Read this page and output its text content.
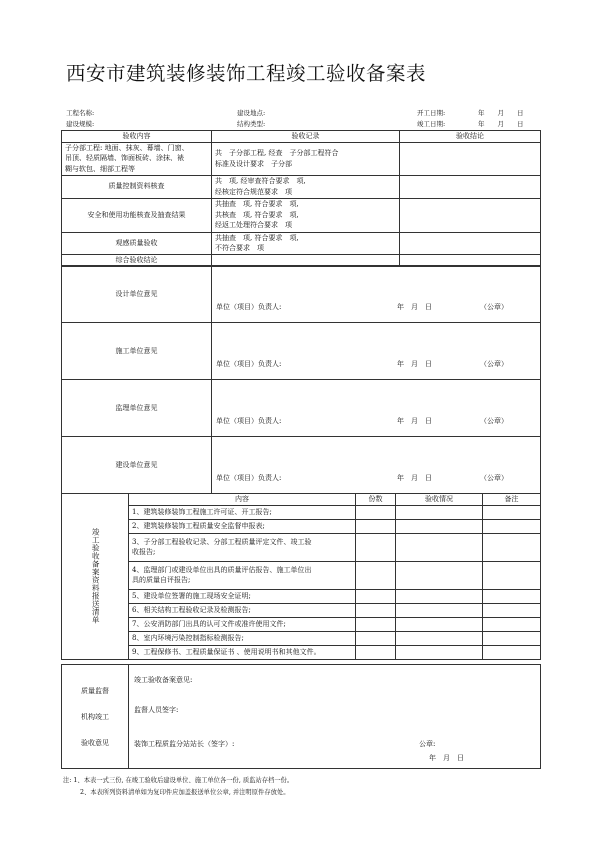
西安市建筑装修装饰工程竣工验收备案表
工程名称:	建设地点:	开工日期:	年　　月　　日
建设规模:	结构类型:	竣工日期:	年　　月　　日
验收内容	验收记录	验收结论
子分部工程: 地面、抹灰、幕墙、门窗、
吊顶、轻质隔墙、饰面板砖、涂抹、裱
糊与软包、细部工程等	共　子分部工程, 经查　子分部工程符合
标准及设计要求　子分部	
质量控制资料核查	共　项, 经审查符合要求　项,
经核定符合规范要求　项	
安全和使用功能核查及抽查结果	共抽查　项, 符合要求　项,
共核查　项, 符合要求　项,
经返工处理符合要求　项	
观感质量验收	共抽查　项, 符合要求　项,
不符合要求　项	
综合验收结论		
设计单位意见	单位（项目）负责人: 年　月　日 （公章）

施工单位意见	单位（项目）负责人: 年　月　日 （公章）

监理单位意见	单位（项目）负责人: 年　月　日 （公章）

建设单位意见	单位（项目）负责人: 年　月　日 （公章）
竣工验收备案资料报送清单	内容	份数	验收情况	备注
	1、建筑装修装饰工程施工许可证、开工报告;			
	2、建筑装修装饰工程质量安全监督申报表;			
	3、子分部工程验收记录、分部工程质量评定文件、竣工验
收报告;			
	4、监理部门或建设单位出具的质量评估报告、施工单位出
具的质量自评报告;			
	5、建设单位签署的施工现场安全证明;			
	6、相关结构工程验收记录及检测报告;			
	7、公安消防部门出具的认可文件或准许使用文件;			
	8、室内环境污染控制指标检测报告;			
	9、工程保修书、工程质量保证书 、使用说明书和其他文件。			
质量监督
机构竣工
验收意见	
竣工验收备案意见:
监督人员签字:
装饰工程质监分站站长（签字）:	公章:
年　月　日
注: 1、本表一式三份, 在竣工验收后建设单位、施工单位各一份, 质监站存档一份。
2、本表所列资料清单如为复印件应加盖报送单位公章, 并注明原件存放处。
